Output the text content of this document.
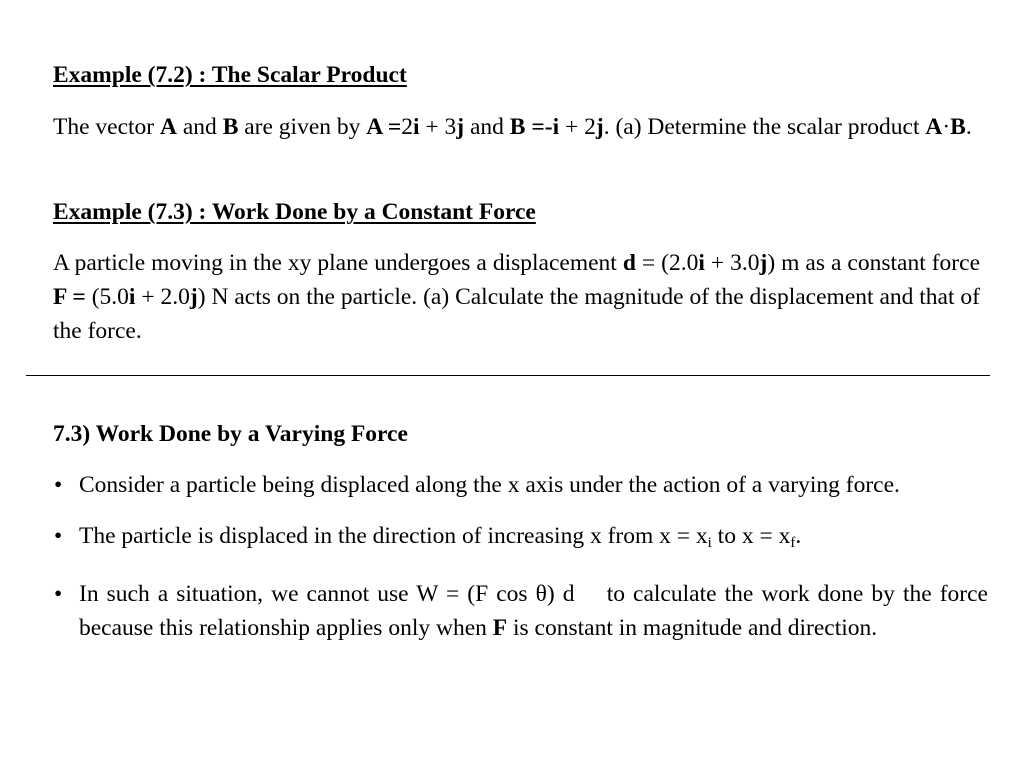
Example (7.2) : The Scalar Product
The vector A and B are given by A =2i + 3j and B =-i + 2j. (a) Determine the scalar product A·B.
Example (7.3) : Work Done by a Constant Force
A particle moving in the xy plane undergoes a displacement d = (2.0i + 3.0j) m as a constant force F = (5.0i + 2.0j) N acts on the particle. (a) Calculate the magnitude of the displacement and that of the force.
7.3) Work Done by a Varying Force
• Consider a particle being displaced along the x axis under the action of a varying force.
• The particle is displaced in the direction of increasing x from $x = x_i$ to $x = x_f$.
• In such a situation, we cannot use W = (F cos θ) d    to calculate the work done by the force because this relationship applies only when F is constant in magnitude and direction.
